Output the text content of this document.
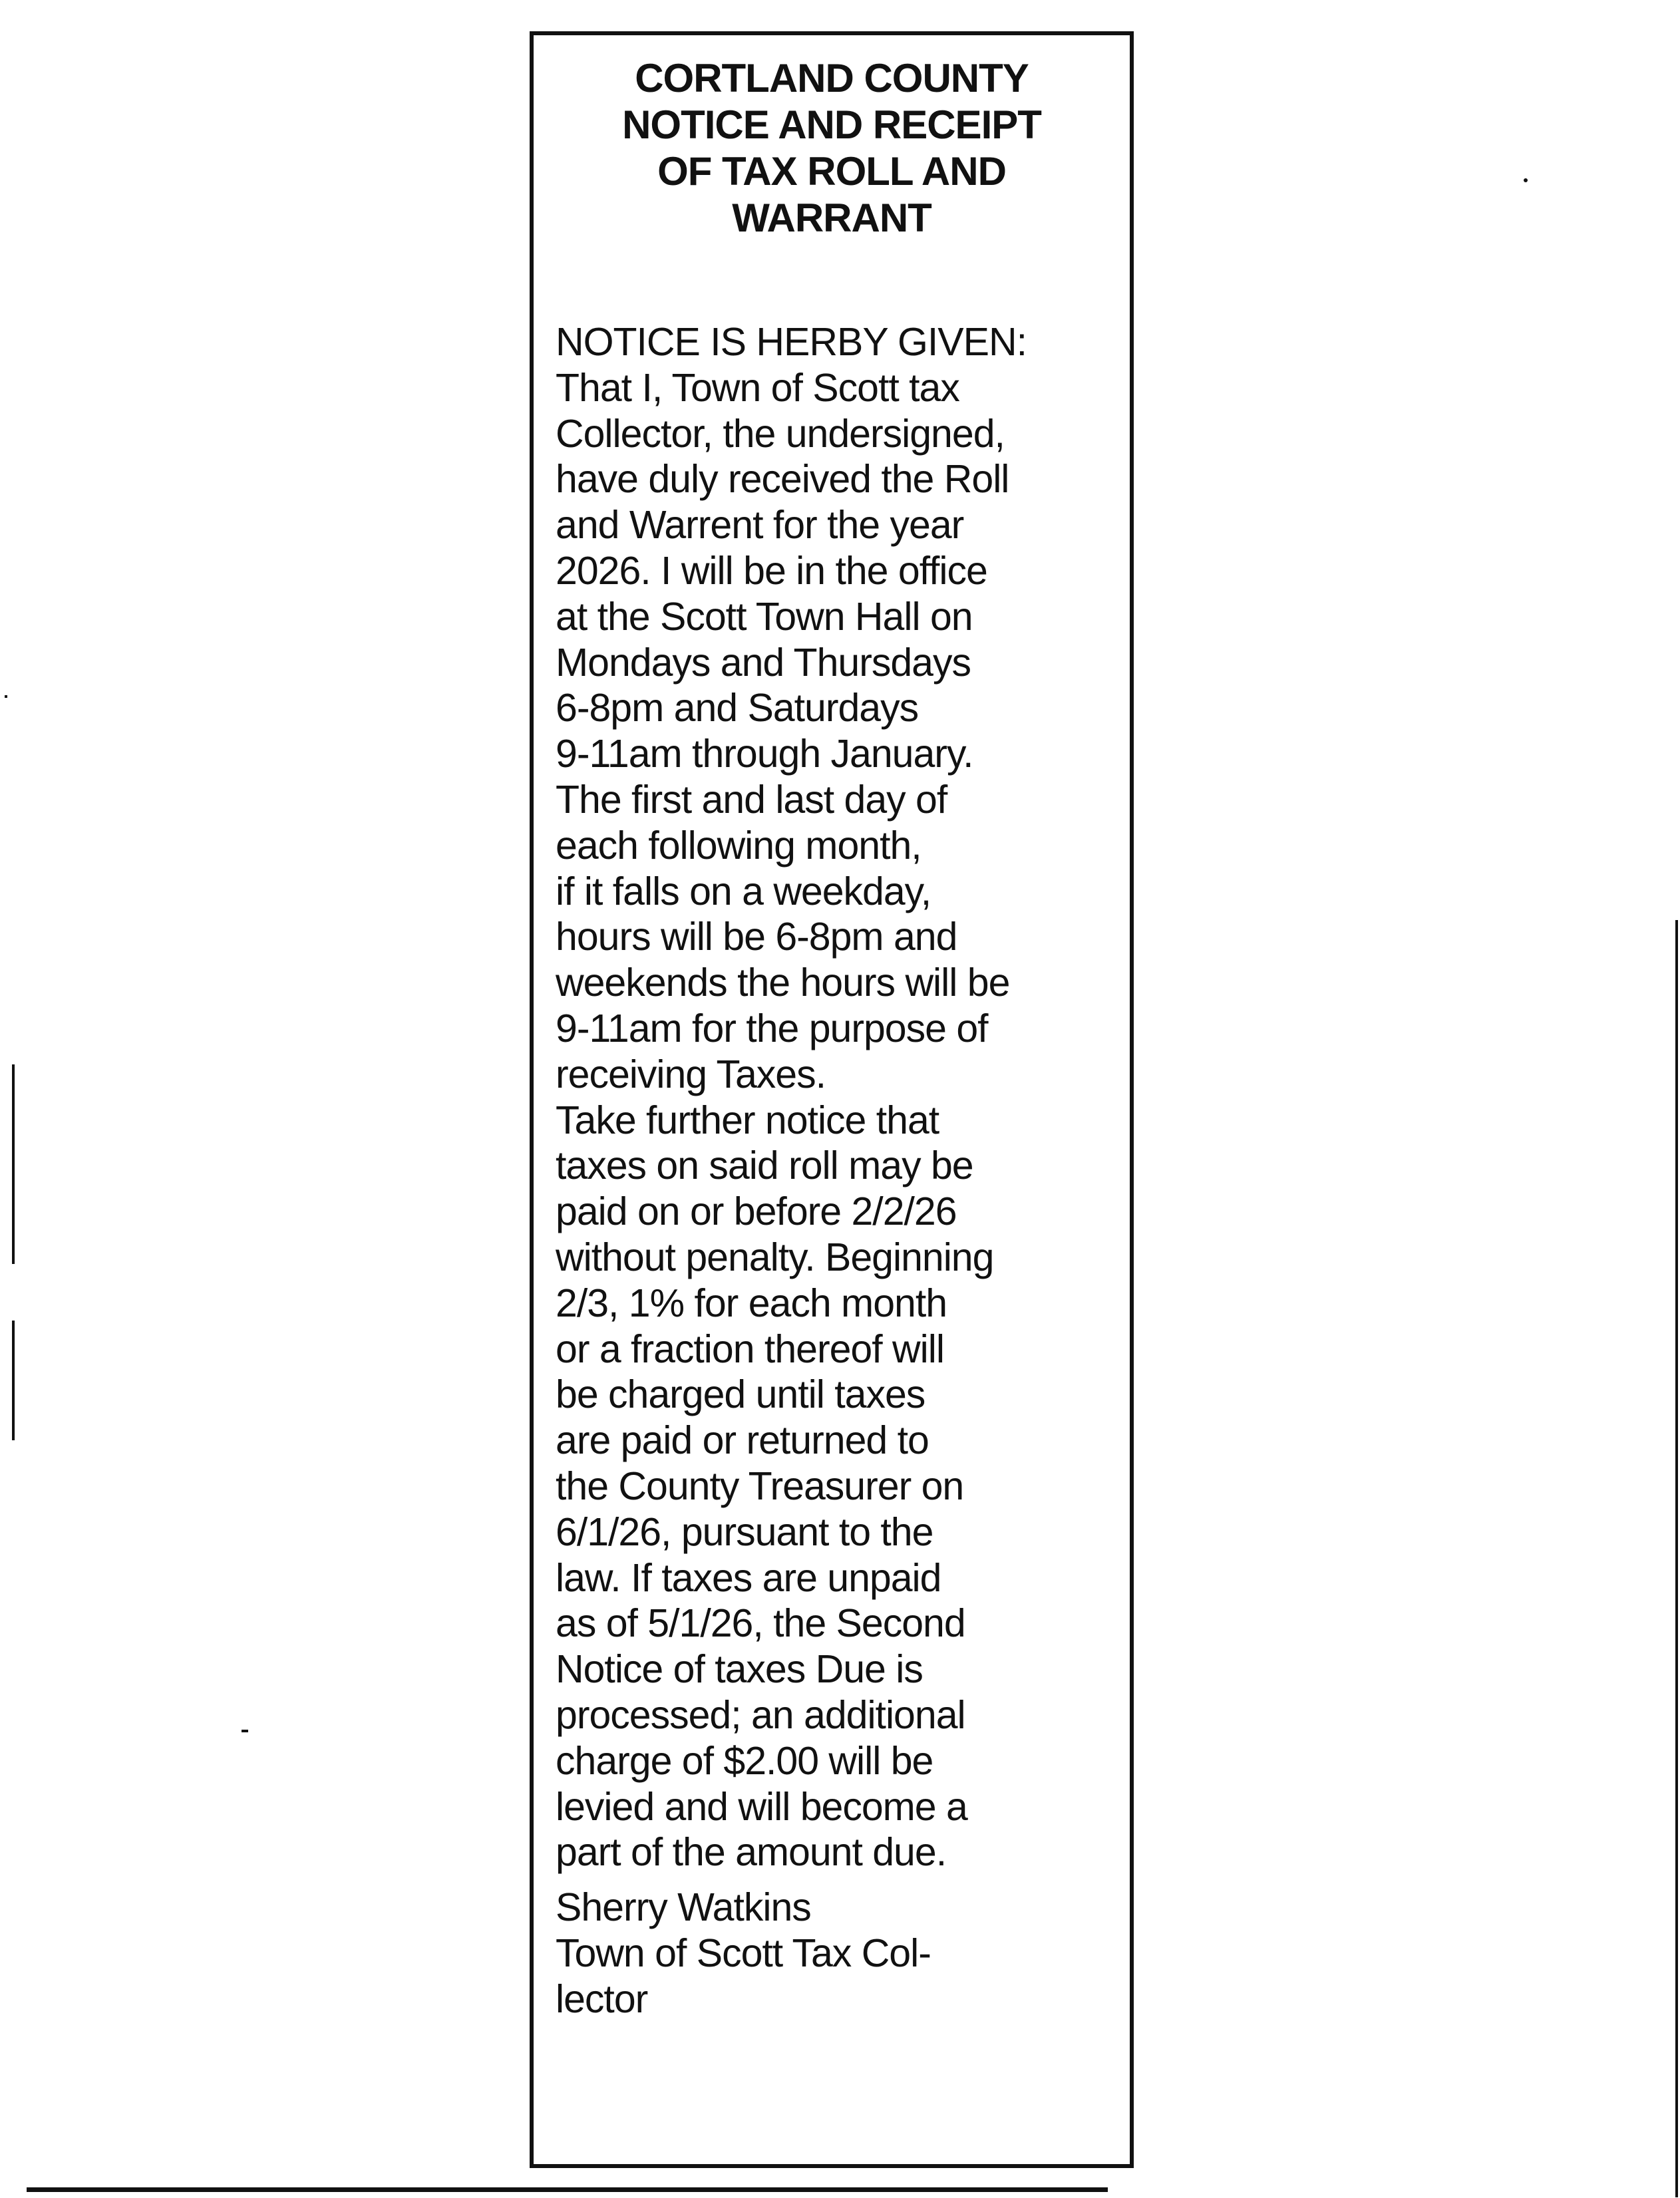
CORTLAND COUNTY
NOTICE AND RECEIPT
OF TAX ROLL AND
WARRANT

NOTICE IS HERBY GIVEN:
That I, Town of Scott tax
Collector, the undersigned,
have duly received the Roll
and Warrent for the year
2026. I will be in the office
at the Scott Town Hall on
Mondays and Thursdays
6-8pm and Saturdays
9-11am through January.
The first and last day of
each following month,
if it falls on a weekday,
hours will be 6-8pm and
weekends the hours will be
9-11am for the purpose of
receiving Taxes.
Take further notice that
taxes on said roll may be
paid on or before 2/2/26
without penalty. Beginning
2/3, 1% for each month
or a fraction thereof will
be charged until taxes
are paid or returned to
the County Treasurer on
6/1/26, pursuant to the
law. If taxes are unpaid
as of 5/1/26, the Second
Notice of taxes Due is
processed; an additional
charge of $2.00 will be
levied and will become a
part of the amount due.

Sherry Watkins
Town of Scott Tax Col-
lector
